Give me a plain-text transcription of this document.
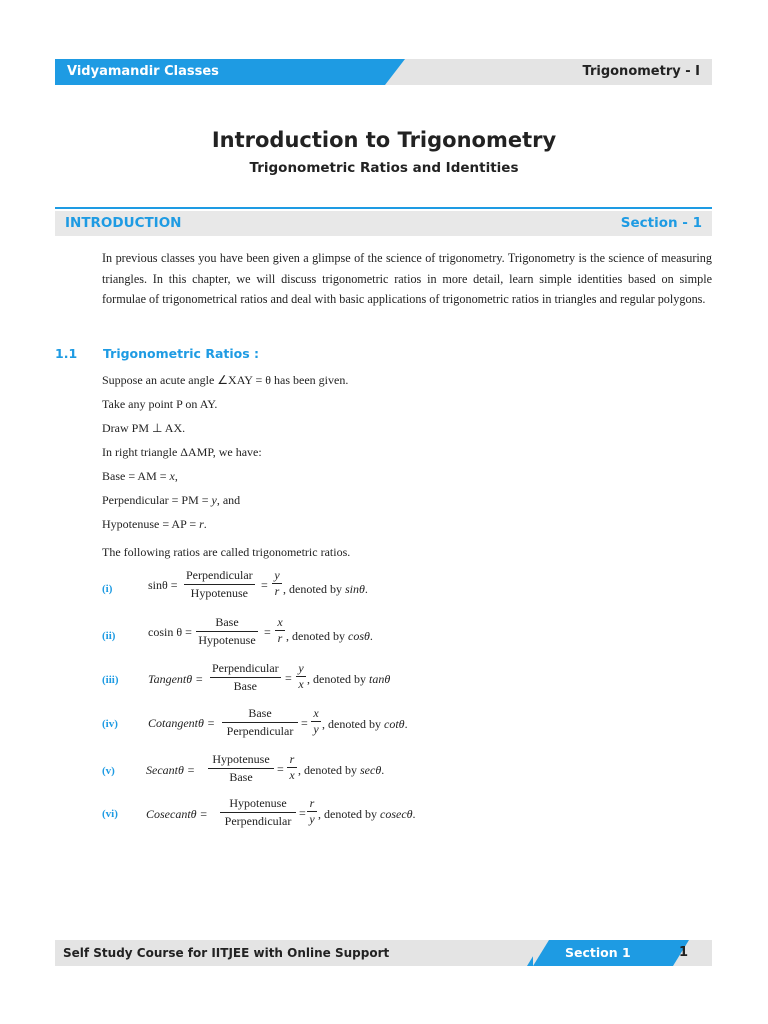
Vidyamandir Classes	Trigonometry - I
Introduction to Trigonometry
Trigonometric Ratios and Identities
INTRODUCTION	Section - 1
In previous classes you have been given a glimpse of the science of trigonometry. Trigonometry is the science of measuring triangles. In this chapter, we will discuss trigonometric ratios in more detail, learn simple identities based on simple formulae of trigonometrical ratios and deal with basic applications of trigonometric ratios in triangles and regular polygons.
1.1 Trigonometric Ratios :
Suppose an acute angle ∠XAY = θ has been given.
Take any point P on AY.
Draw PM ⊥ AX.
In right triangle ΔAMP, we have:
Base = AM = x,
Perpendicular = PM = y, and
Hypotenuse = AP = r.
The following ratios are called trigonometric ratios.
(i)	sinθ =
Perpendicular
Hypotenuse
=
y
r , denoted by sinθ.
(ii)	cosin θ =
Base
Hypotenuse
=
x
r , denoted by cosθ.
(iii) Tangentθ =
Perpendicular
Base
=
y
x , denoted by tanθ
(iv)	Cotangentθ =
Base
Perpendicular
=
x
y , denoted by cotθ.
(v)	Secantθ =
Hypotenuse
Base
=
r
x , denoted by secθ.
(vi) Cosecantθ =
Hypotenuse
Perpendicular
=
r
y , denoted by cosecθ.
Self Study Course for IITJEE with Online Support	Section 1	1
